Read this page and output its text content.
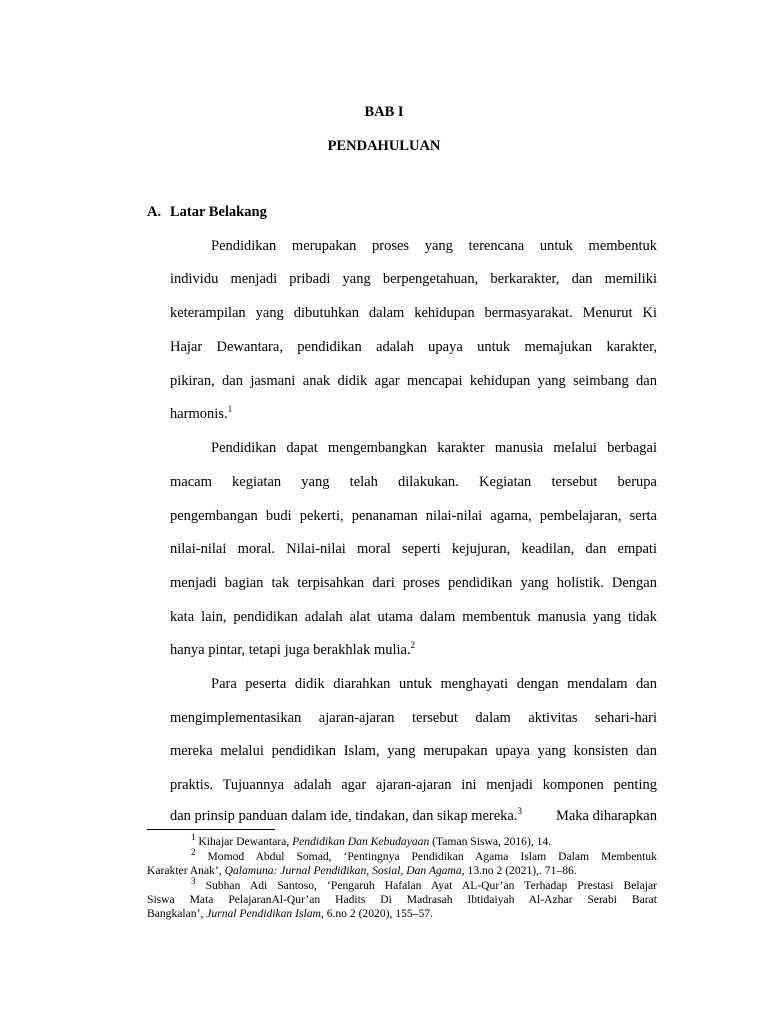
BAB I
PENDAHULUAN
A. Latar Belakang
Pendidikan merupakan proses yang terencana untuk membentuk
individu menjadi pribadi yang berpengetahuan, berkarakter, dan memiliki
keterampilan yang dibutuhkan dalam kehidupan bermasyarakat. Menurut Ki
Hajar Dewantara, pendidikan adalah upaya untuk memajukan karakter,
pikiran, dan jasmani anak didik agar mencapai kehidupan yang seimbang dan
harmonis.$^1$
Pendidikan dapat mengembangkan karakter manusia melalui berbagai
macam kegiatan yang telah dilakukan. Kegiatan tersebut berupa
pengembangan budi pekerti, penanaman nilai-nilai agama, pembelajaran, serta
nilai-nilai moral. Nilai-nilai moral seperti kejujuran, keadilan, dan empati
menjadi bagian tak terpisahkan dari proses pendidikan yang holistik. Dengan
kata lain, pendidikan adalah alat utama dalam membentuk manusia yang tidak
hanya pintar, tetapi juga berakhlak mulia.$^2$
Para peserta didik diarahkan untuk menghayati dengan mendalam dan
mengimplementasikan ajaran-ajaran tersebut dalam aktivitas sehari-hari
mereka melalui pendidikan Islam, yang merupakan upaya yang konsisten dan
praktis. Tujuannya adalah agar ajaran-ajaran ini menjadi komponen penting
dan prinsip panduan dalam ide, tindakan, dan sikap mereka.$^3$ Maka diharapkan
$^1$ Kihajar Dewantara, Pendidikan Dan Kebudayaan (Taman Siswa, 2016), 14.
$^2$ Momod Abdul Somad, ‘Pentingnya Pendidikan Agama Islam Dalam Membentuk
Karakter Anak’, Qalamuna: Jurnal Pendidikan, Sosial, Dan Agama, 13.no 2 (2021),. 71–86.
$^3$ Subhan Adi Santoso, ‘Pengaruh Hafalan Ayat AL-Qur’an Terhadap Prestasi Belajar
Siswa Mata PelajaranAl-Qur’an Hadits Di Madrasah Ibtidaiyah Al-Azhar Serabi Barat
Bangkalan’, Jurnal Pendidikan Islam, 6.no 2 (2020), 155–57.
